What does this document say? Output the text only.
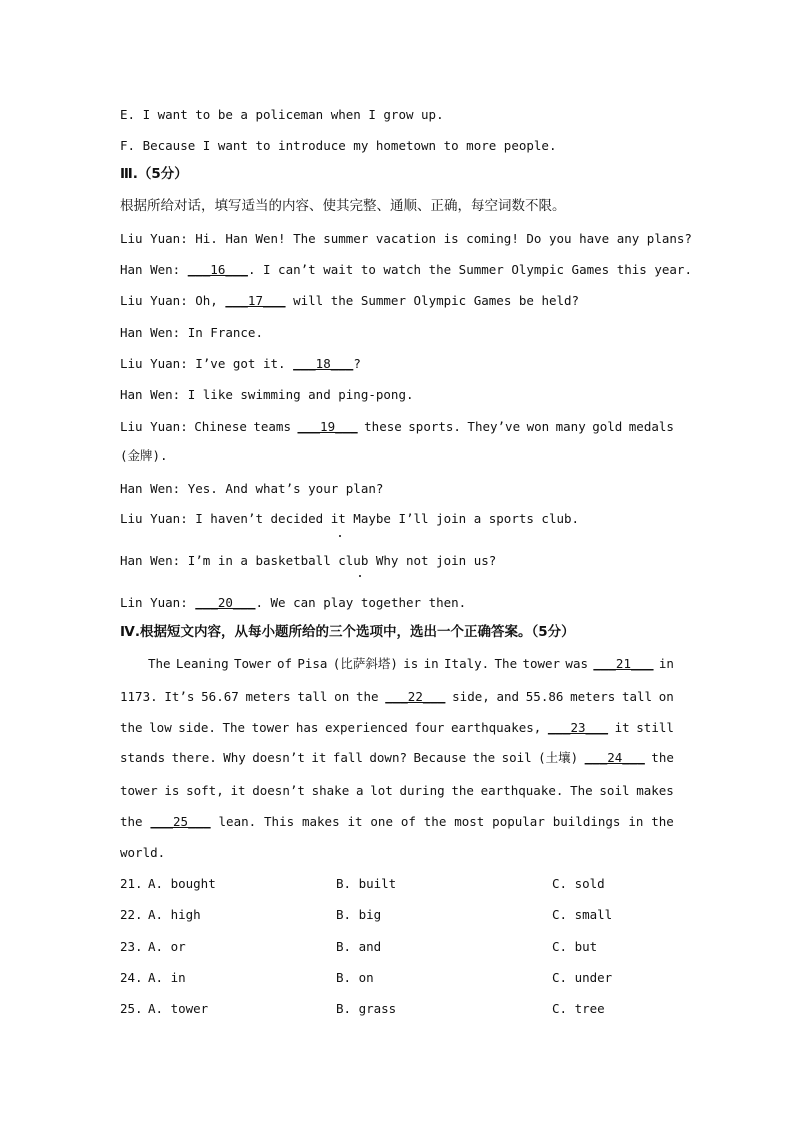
E. I want to be a policeman when I grow up.
F. Because I want to introduce my hometown to more people.
Ⅲ.（5分）
根据所给对话，填写适当的内容、使其完整、通顺、正确，每空词数不限。
Liu Yuan: Hi. Han Wen! The summer vacation is coming! Do you have any plans?
Han Wen: ___16___. I can’t wait to watch the Summer Olympic Games this year.
Liu Yuan: Oh, ___17___ will the Summer Olympic Games be held?
Han Wen: In France.
Liu Yuan: I’ve got it. ___18___?
Han Wen: I like swimming and ping-pong.
Liu Yuan: Chinese teams ___19___ these sports. They’ve won many gold medals
(金牌).
Han Wen: Yes. And what’s your plan?
Liu Yuan: I haven’t decided it Maybe I’ll join a sports club.
Han Wen: I’m in a basketball club Why not join us?
Lin Yuan: ___20___. We can play together then.
Ⅳ.根据短文内容，从每小题所给的三个选项中，选出一个正确答案。（5分）
The Leaning Tower of Pisa (比萨斜塔) is in Italy. The tower was ___21___ in
1173. It’s 56.67 meters tall on the ___22___ side, and 55.86 meters tall on
the low side. The tower has experienced four earthquakes, ___23___ it still
stands there. Why doesn’t it fall down? Because the soil (土壤) ___24___ the
tower is soft, it doesn’t shake a lot during the earthquake. The soil makes
the ___25___ lean. This makes it one of the most popular buildings in the
world.
21. A. bought	B. built	C. sold
22. A. high	B. big	C. small
23. A. or	B. and	C. but
24. A. in	B. on	C. under
25. A. tower	B. grass	C. tree
